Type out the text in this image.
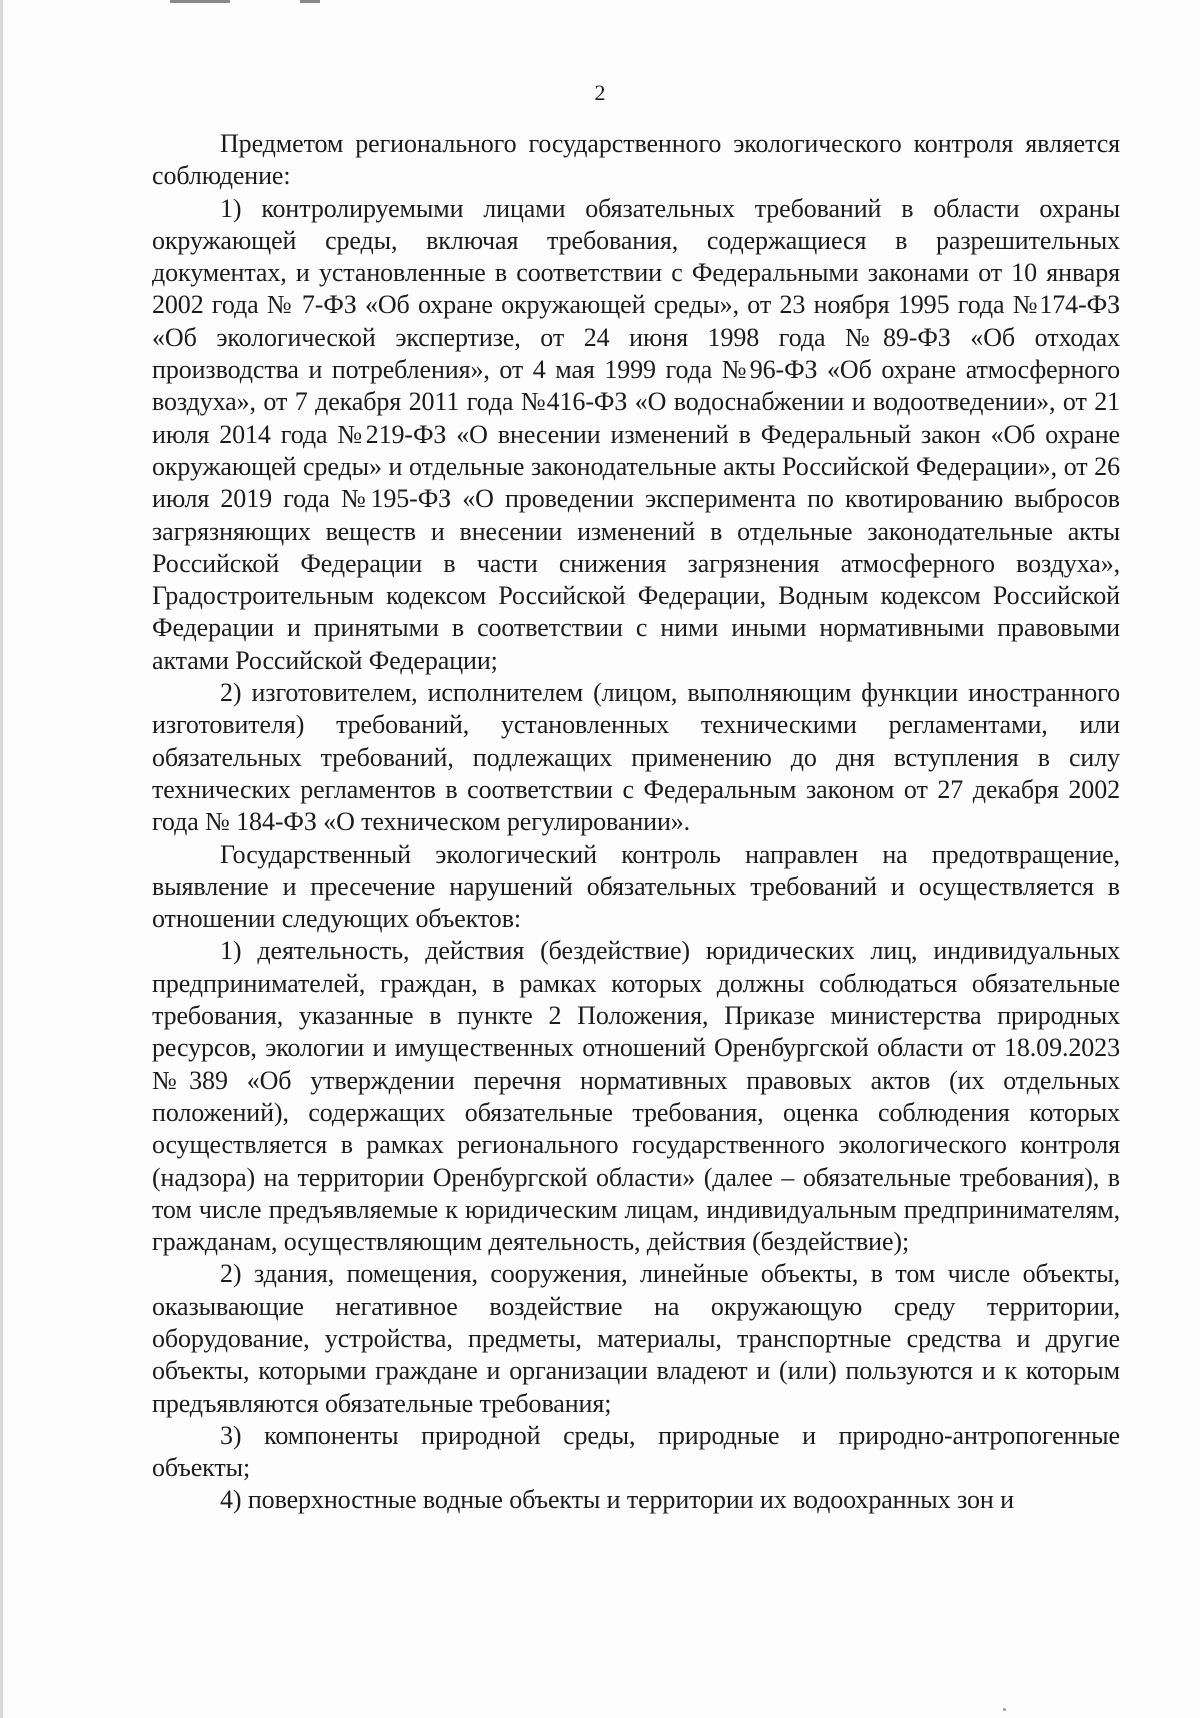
2

Предметом регионального государственного экологического контроля является соблюдение:

1) контролируемыми лицами обязательных требований в области охраны окружающей среды, включая требования, содержащиеся в разрешительных документах, и установленные в соответствии с Федеральными законами от 10 января 2002 года № 7-ФЗ «Об охране окружающей среды», от 23 ноября 1995 года №174-ФЗ «Об экологической экспертизе, от 24 июня 1998 года №89-ФЗ «Об отходах производства и потребления», от 4 мая 1999 года №96-ФЗ «Об охране атмосферного воздуха», от 7 декабря 2011 года №416-ФЗ «О водоснабжении и водоотведении», от 21 июля 2014 года №219-ФЗ «О внесении изменений в Федеральный закон «Об охране окружающей среды» и отдельные законодательные акты Российской Федерации», от 26 июля 2019 года №195-ФЗ «О проведении эксперимента по квотированию выбросов загрязняющих веществ и внесении изменений в отдельные законодательные акты Российской Федерации в части снижения загрязнения атмосферного воздуха», Градостроительным кодексом Российской Федерации, Водным кодексом Российской Федерации и принятыми в соответствии с ними иными нормативными правовыми актами Российской Федерации;

2) изготовителем, исполнителем (лицом, выполняющим функции иностранного изготовителя) требований, установленных техническими регламентами, или обязательных требований, подлежащих применению до дня вступления в силу технических регламентов в соответствии с Федеральным законом от 27 декабря 2002 года № 184-ФЗ «О техническом регулировании».

Государственный экологический контроль направлен на предотвращение, выявление и пресечение нарушений обязательных требований и осуществляется в отношении следующих объектов:

1) деятельность, действия (бездействие) юридических лиц, индивидуальных предпринимателей, граждан, в рамках которых должны соблюдаться обязательные требования, указанные в пункте 2 Положения, Приказе министерства природных ресурсов, экологии и имущественных отношений Оренбургской области от 18.09.2023 №389 «Об утверждении перечня нормативных правовых актов (их отдельных положений), содержащих обязательные требования, оценка соблюдения которых осуществляется в рамках регионального государственного экологического контроля (надзора) на территории Оренбургской области» (далее – обязательные требования), в том числе предъявляемые к юридическим лицам, индивидуальным предпринимателям, гражданам, осуществляющим деятельность, действия (бездействие);

2) здания, помещения, сооружения, линейные объекты, в том числе объекты, оказывающие негативное воздействие на окружающую среду территории, оборудование, устройства, предметы, материалы, транспортные средства и другие объекты, которыми граждане и организации владеют и (или) пользуются и к которым предъявляются обязательные требования;

3) компоненты природной среды, природные и природно-антропогенные объекты;

4) поверхностные водные объекты и территории их водоохранных зон и
